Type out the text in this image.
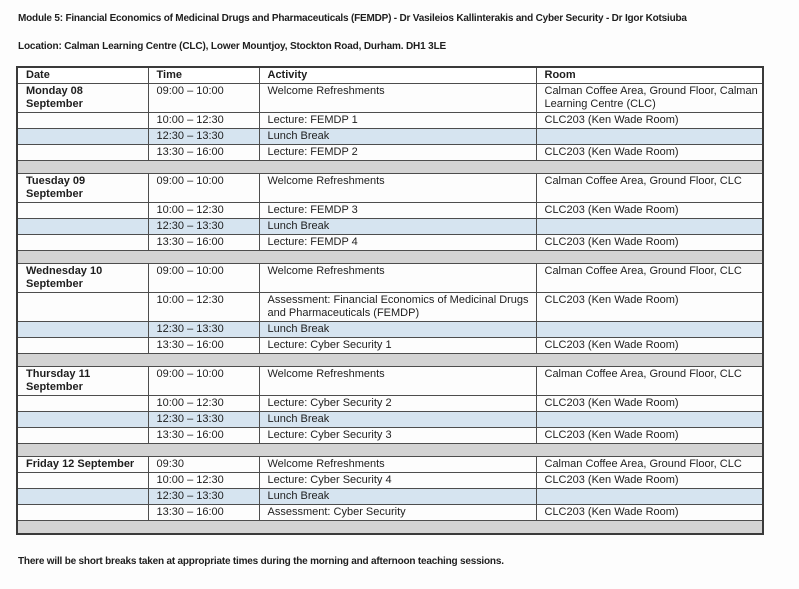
Module 5: Financial Economics of Medicinal Drugs and Pharmaceuticals (FEMDP) - Dr Vasileios Kallinterakis and Cyber Security - Dr Igor Kotsiuba
Location: Calman Learning Centre (CLC), Lower Mountjoy, Stockton Road, Durham. DH1 3LE
Date	Time	Activity	Room

Monday 08
September	09:00 – 10:00	Welcome Refreshments	Calman Coffee Area, Ground Floor, Calman Learning Centre (CLC)
	10:00 – 12:30	Lecture: FEMDP 1	CLC203 (Ken Wade Room)
	12:30 – 13:30	Lunch Break	
	13:30 – 16:00	Lecture: FEMDP 2	CLC203 (Ken Wade Room)

Tuesday 09
September	09:00 – 10:00	Welcome Refreshments	Calman Coffee Area, Ground Floor, CLC
	10:00 – 12:30	Lecture: FEMDP 3	CLC203 (Ken Wade Room)
	12:30 – 13:30	Lunch Break	
	13:30 – 16:00	Lecture: FEMDP 4	CLC203 (Ken Wade Room)

Wednesday 10
September	09:00 – 10:00	Welcome Refreshments	Calman Coffee Area, Ground Floor, CLC
	10:00 – 12:30	Assessment: Financial Economics of Medicinal Drugs and Pharmaceuticals (FEMDP)	CLC203 (Ken Wade Room)
	12:30 – 13:30	Lunch Break	
	13:30 – 16:00	Lecture: Cyber Security 1	CLC203 (Ken Wade Room)

Thursday 11
September	09:00 – 10:00	Welcome Refreshments	Calman Coffee Area, Ground Floor, CLC
	10:00 – 12:30	Lecture: Cyber Security 2	CLC203 (Ken Wade Room)
	12:30 – 13:30	Lunch Break	
	13:30 – 16:00	Lecture: Cyber Security 3	CLC203 (Ken Wade Room)

Friday 12 September	09:30	Welcome Refreshments	Calman Coffee Area, Ground Floor, CLC
	10:00 – 12:30	Lecture: Cyber Security 4	CLC203 (Ken Wade Room)
	12:30 – 13:30	Lunch Break	
	13:30 – 16:00	Assessment: Cyber Security	CLC203 (Ken Wade Room)

There will be short breaks taken at appropriate times during the morning and afternoon teaching sessions.
